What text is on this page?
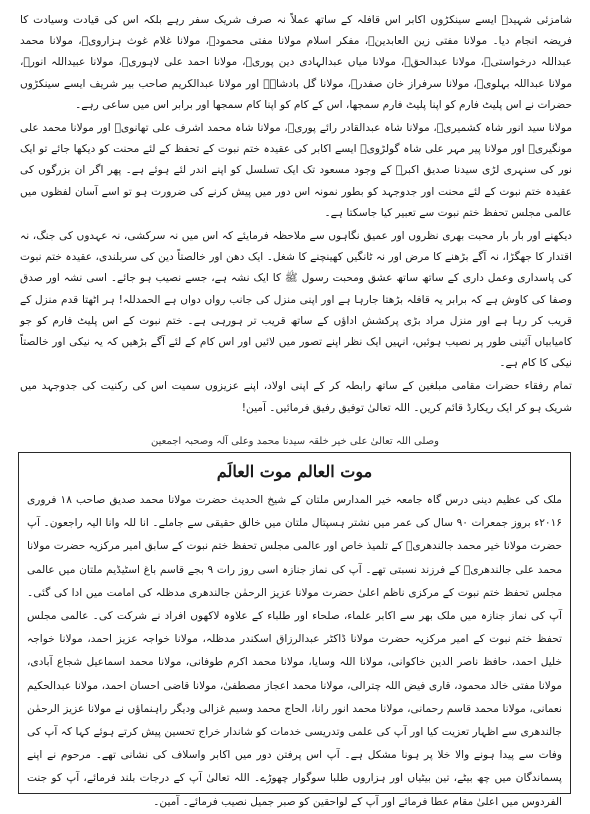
شامزئی شہیدؒ ایسے سینکڑوں اکابر اس قافلہ کے ساتھ عملاً نہ صرف شریک سفر رہے بلکہ اس کی قیادت وسیادت کا فریضہ انجام دیا۔ مولانا مفتی زین العابدینؒ، مفکر اسلام مولانا مفتی محمودؒ، مولانا غلام غوث ہزارویؒ، مولانا محمد عبداللہ درخواستیؒ، مولانا عبدالحقؒ، مولانا میاں عبدالہادی دین پوریؒ، مولانا احمد علی لاہوریؒ، مولانا عبیداللہ انورؒ، مولانا عبداللہ بہلویؒ، مولانا سرفراز خان صفدرؒ، مولانا گل بادشاہؒ اور مولانا عبدالکریم صاحب بیر شریف ایسے سینکڑوں حضرات نے اس پلیٹ فارم کو اپنا پلیٹ فارم سمجھا، اس کے کام کو اپنا کام سمجھا اور برابر اس میں ساعی رہے۔

مولانا سید انور شاہ کشمیریؒ، مولانا شاہ عبدالقادر رائے پوریؒ، مولانا شاہ محمد اشرف علی تھانویؒ اور مولانا محمد علی مونگیریؒ اور مولانا پیر مہر علی شاہ گولڑویؒ ایسے اکابر کی عقیدہ ختم نبوت کے تحفظ کے لئے محنت کو دیکھا جائے تو ایک نور کی سنہری لڑی سیدنا صدیق اکبرؓ کے وجود مسعود تک ایک تسلسل کو اپنے اندر لئے ہوئے ہے۔ پھر اگر ان بزرگوں کی عقیدہ ختم نبوت کے لئے محنت اور جدوجہد کو بطور نمونہ اس دور میں پیش کرنے کی ضرورت ہو تو اسے آسان لفظوں میں عالمی مجلس تحفظ ختم نبوت سے تعبیر کیا جاسکتا ہے۔

دیکھنے اور بار بار محبت بھری نظروں اور عمیق نگاہوں سے ملاحظہ فرمایئے کہ اس میں نہ سرکشی، نہ عہدوں کی جنگ، نہ اقتدار کا جھگڑا، نہ آگے بڑھنے کا مرض اور نہ ٹانگیں کھینچنے کا شغل۔ ایک دھن اور خالصتاً دین کی سربلندی، عقیدہ ختم نبوت کی پاسداری وعمل داری کے ساتھ ساتھ عشق ومحبت رسول ﷺ کا ایک نشہ ہے، جسے نصیب ہو جائے۔ اسی نشہ اور صدق وصفا کی کاوش ہے کہ برابر یہ قافلہ بڑھتا جارہا ہے اور اپنی منزل کی جانب رواں دواں ہے الحمدللہ! ہر اٹھتا قدم منزل کے قریب کر رہا ہے اور منزل مراد بڑی پرکشش اداؤں کے ساتھ قریب تر ہورہی ہے۔ ختم نبوت کے اس پلیٹ فارم کو جو کامیابیاں آئینی طور پر نصیب ہوئیں، انہیں ایک نظر اپنے تصور میں لائیں اور اس کام کے لئے آگے بڑھیں کہ یہ نیکی اور خالصتاً نیکی کا کام ہے۔

تمام رفقاء حضرات مقامی مبلغین کے ساتھ رابطہ کر کے اپنی اولاد، اپنے عزیزوں سمیت اس کی رکنیت کی جدوجہد میں شریک ہو کر ایک ریکارڈ قائم کریں۔ اللہ تعالیٰ توفیق رفیق فرمائیں۔ آمین!

وصلی اللہ تعالیٰ علی خیر خلقہ سیدنا محمد وعلی آلہ وصحبہ اجمعین
موت العالم موت العالَم

ملک کی عظیم دینی درس گاہ جامعہ خیر المدارس ملتان کے شیخ الحدیث حضرت مولانا محمد صدیق صاحب ۱۸ فروری ۲۰۱۶ء بروز جمعرات ۹۰ سال کی عمر میں نشتر ہسپتال ملتان میں خالق حقیقی سے جاملے۔ انا للہ وانا الیہ راجعون۔ آپ حضرت مولانا خیر محمد جالندھریؒ کے تلمیذ خاص اور عالمی مجلس تحفظ ختم نبوت کے سابق امیر مرکزیہ حضرت مولانا محمد علی جالندھریؒ کے فرزند نسبتی تھے۔ آپ کی نماز جنازہ اسی روز رات ۹ بجے قاسم باغ اسٹیڈیم ملتان میں عالمی مجلس تحفظ ختم نبوت کے مرکزی ناظم اعلیٰ حضرت مولانا عزیز الرحمٰن جالندھری مدظلہ کی امامت میں ادا کی گئی۔ آپ کی نماز جنازہ میں ملک بھر سے اکابر علماء، صلحاء اور طلباء کے علاوہ لاکھوں افراد نے شرکت کی۔ عالمی مجلس تحفظ ختم نبوت کے امیر مرکزیہ حضرت مولانا ڈاکٹر عبدالرزاق اسکندر مدظلہ، مولانا خواجہ عزیز احمد، مولانا خواجہ خلیل احمد، حافظ ناصر الدین خاکوانی، مولانا اللہ وسایا، مولانا محمد اکرم طوفانی، مولانا محمد اسماعیل شجاع آبادی، مولانا مفتی خالد محمود، قاری فیض اللہ چترالی، مولانا محمد اعجاز مصطفیٰ، مولانا قاضی احسان احمد، مولانا عبدالحکیم نعمانی، مولانا محمد قاسم رحمانی، مولانا محمد انور رانا، الحاج محمد وسیم غزالی ودیگر راہنماؤں نے مولانا عزیز الرحمٰن جالندھری سے اظہار تعزیت کیا اور آپ کی علمی وتدریسی خدمات کو شاندار خراج تحسین پیش کرتے ہوئے کہا کہ آپ کی وفات سے پیدا ہونے والا خلا پر ہونا مشکل ہے۔ آپ اس پرفتن دور میں اکابر واسلاف کی نشانی تھے۔ مرحوم نے اپنے پسماندگان میں چھ بیٹے، تین بیٹیاں اور ہزاروں طلبا سوگوار چھوڑے۔ اللہ تعالیٰ آپ کے درجات بلند فرمائے، آپ کو جنت الفردوس میں اعلیٰ مقام عطا فرمائے اور آپ کے لواحقین کو صبر جمیل نصیب فرمائے۔ آمین۔
